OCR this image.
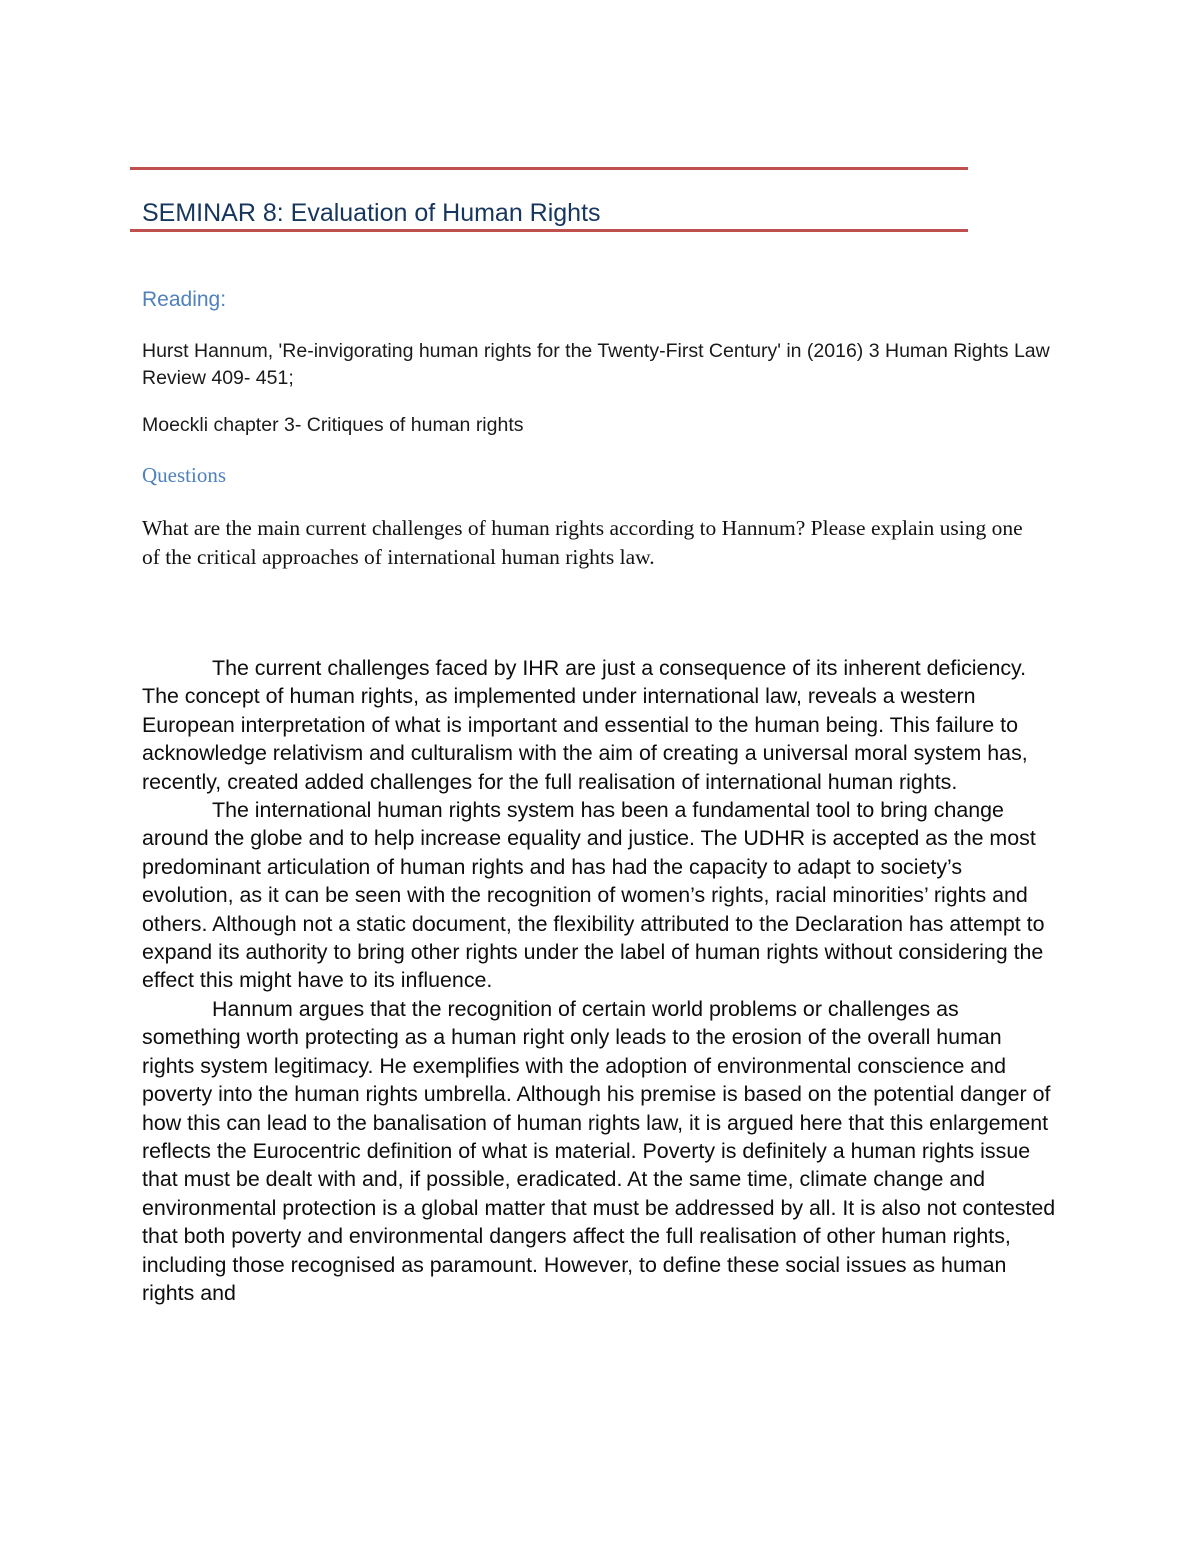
SEMINAR 8: Evaluation of Human Rights
Reading:
Hurst Hannum, 'Re-invigorating human rights for the Twenty-First Century' in (2016) 3 Human Rights Law Review 409- 451;
Moeckli chapter 3- Critiques of human rights
Questions
What are the main current challenges of human rights according to Hannum? Please explain using one of the critical approaches of international human rights law.

The current challenges faced by IHR are just a consequence of its inherent deficiency. The concept of human rights, as implemented under international law, reveals a western European interpretation of what is important and essential to the human being. This failure to acknowledge relativism and culturalism with the aim of creating a universal moral system has, recently, created added challenges for the full realisation of international human rights.

The international human rights system has been a fundamental tool to bring change around the globe and to help increase equality and justice. The UDHR is accepted as the most predominant articulation of human rights and has had the capacity to adapt to society’s evolution, as it can be seen with the recognition of women’s rights, racial minorities’ rights and others. Although not a static document, the flexibility attributed to the Declaration has attempt to expand its authority to bring other rights under the label of human rights without considering the effect this might have to its influence.

Hannum argues that the recognition of certain world problems or challenges as something worth protecting as a human right only leads to the erosion of the overall human rights system legitimacy. He exemplifies with the adoption of environmental conscience and poverty into the human rights umbrella. Although his premise is based on the potential danger of how this can lead to the banalisation of human rights law, it is argued here that this enlargement reflects the Eurocentric definition of what is material. Poverty is definitely a human rights issue that must be dealt with and, if possible, eradicated. At the same time, climate change and environmental protection is a global matter that must be addressed by all. It is also not contested that both poverty and environmental dangers affect the full realisation of other human rights, including those recognised as paramount. However, to define these social issues as human rights and
